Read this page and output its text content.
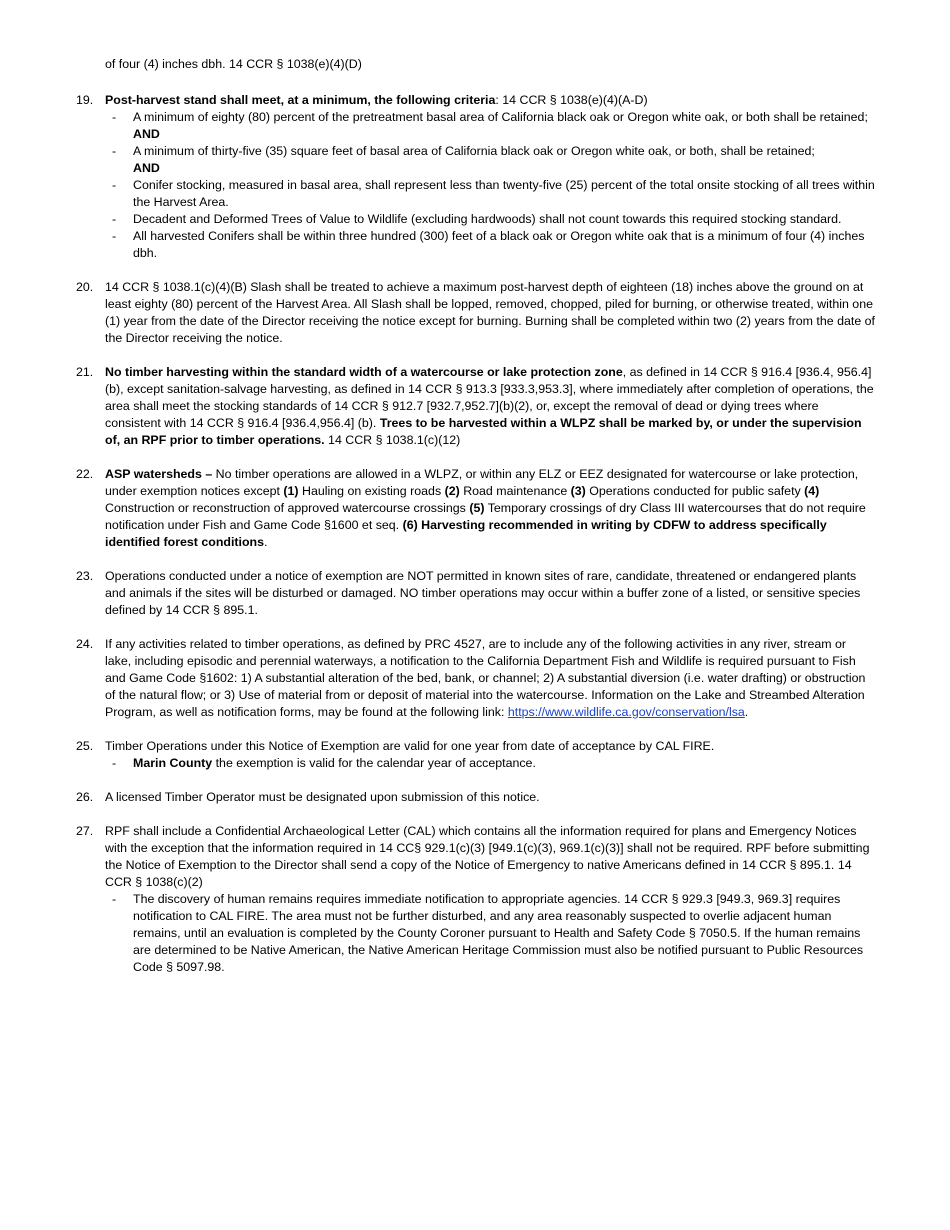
of four (4) inches dbh. 14 CCR § 1038(e)(4)(D)
19. Post-harvest stand shall meet, at a minimum, the following criteria: 14 CCR § 1038(e)(4)(A-D)
- A minimum of eighty (80) percent of the pretreatment basal area of California black oak or Oregon white oak, or both shall be retained; AND
- A minimum of thirty-five (35) square feet of basal area of California black oak or Oregon white oak, or both, shall be retained;
AND
- Conifer stocking, measured in basal area, shall represent less than twenty-five (25) percent of the total onsite stocking of all trees within the Harvest Area.
- Decadent and Deformed Trees of Value to Wildlife (excluding hardwoods) shall not count towards this required stocking standard.
- All harvested Conifers shall be within three hundred (300) feet of a black oak or Oregon white oak that is a minimum of four (4) inches dbh.
20. 14 CCR § 1038.1(c)(4)(B) Slash shall be treated to achieve a maximum post-harvest depth of eighteen (18) inches above the ground on at least eighty (80) percent of the Harvest Area. All Slash shall be lopped, removed, chopped, piled for burning, or otherwise treated, within one (1) year from the date of the Director receiving the notice except for burning. Burning shall be completed within two (2) years from the date of the Director receiving the notice.
21. No timber harvesting within the standard width of a watercourse or lake protection zone, as defined in 14 CCR § 916.4 [936.4, 956.4](b), except sanitation-salvage harvesting, as defined in 14 CCR § 913.3 [933.3,953.3], where immediately after completion of operations, the area shall meet the stocking standards of 14 CCR § 912.7 [932.7,952.7](b)(2), or, except the removal of dead or dying trees where consistent with 14 CCR § 916.4 [936.4,956.4] (b). Trees to be harvested within a WLPZ shall be marked by, or under the supervision of, an RPF prior to timber operations. 14 CCR § 1038.1(c)(12)
22. ASP watersheds – No timber operations are allowed in a WLPZ, or within any ELZ or EEZ designated for watercourse or lake protection, under exemption notices except (1) Hauling on existing roads (2) Road maintenance (3) Operations conducted for public safety (4) Construction or reconstruction of approved watercourse crossings (5) Temporary crossings of dry Class III watercourses that do not require notification under Fish and Game Code §1600 et seq. (6) Harvesting recommended in writing by CDFW to address specifically identified forest conditions.
23. Operations conducted under a notice of exemption are NOT permitted in known sites of rare, candidate, threatened or endangered plants and animals if the sites will be disturbed or damaged. NO timber operations may occur within a buffer zone of a listed, or sensitive species defined by 14 CCR § 895.1.
24. If any activities related to timber operations, as defined by PRC 4527, are to include any of the following activities in any river, stream or lake, including episodic and perennial waterways, a notification to the California Department Fish and Wildlife is required pursuant to Fish and Game Code §1602: 1) A substantial alteration of the bed, bank, or channel; 2) A substantial diversion (i.e. water drafting) or obstruction of the natural flow; or 3) Use of material from or deposit of material into the watercourse. Information on the Lake and Streambed Alteration Program, as well as notification forms, may be found at the following link: https://www.wildlife.ca.gov/conservation/lsa.
25. Timber Operations under this Notice of Exemption are valid for one year from date of acceptance by CAL FIRE.
- Marin County the exemption is valid for the calendar year of acceptance.
26. A licensed Timber Operator must be designated upon submission of this notice.
27. RPF shall include a Confidential Archaeological Letter (CAL) which contains all the information required for plans and Emergency Notices with the exception that the information required in 14 CC§ 929.1(c)(3) [949.1(c)(3), 969.1(c)(3)] shall not be required. RPF before submitting the Notice of Exemption to the Director shall send a copy of the Notice of Emergency to native Americans defined in 14 CCR § 895.1. 14 CCR § 1038(c)(2)
- The discovery of human remains requires immediate notification to appropriate agencies. 14 CCR § 929.3 [949.3, 969.3] requires notification to CAL FIRE. The area must not be further disturbed, and any area reasonably suspected to overlie adjacent human remains, until an evaluation is completed by the County Coroner pursuant to Health and Safety Code § 7050.5. If the human remains are determined to be Native American, the Native American Heritage Commission must also be notified pursuant to Public Resources Code § 5097.98.
